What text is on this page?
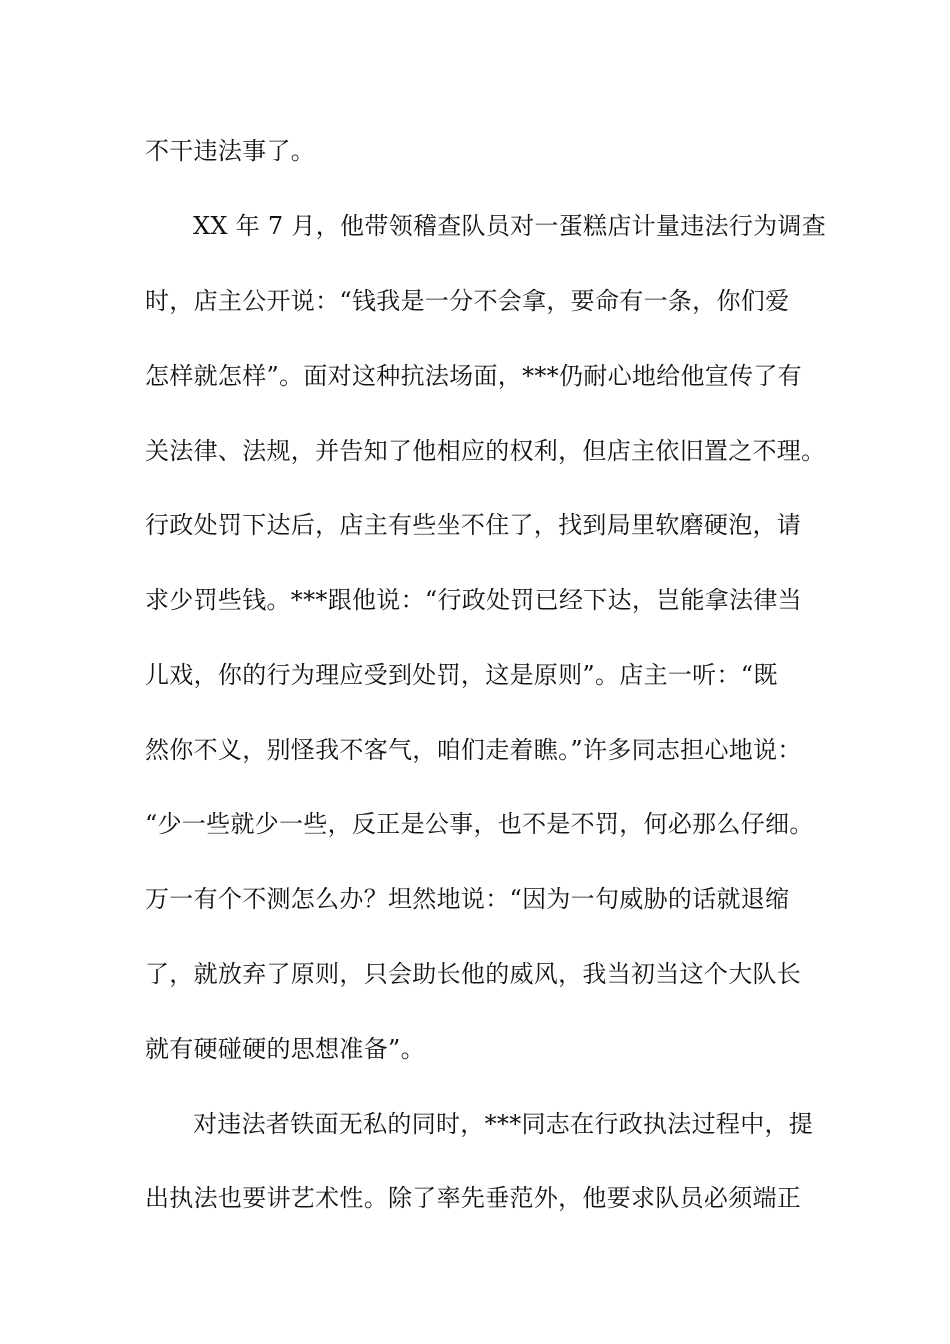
不干违法事了。
XX 年 7 月，他带领稽查队员对一蛋糕店计量违法行为调查
时，店主公开说：“钱我是一分不会拿，要命有一条，你们爱
怎样就怎样”。面对这种抗法场面，***仍耐心地给他宣传了有
关法律、法规，并告知了他相应的权利，但店主依旧置之不理。
行政处罚下达后，店主有些坐不住了，找到局里软磨硬泡，请
求少罚些钱。***跟他说：“行政处罚已经下达，岂能拿法律当
儿戏，你的行为理应受到处罚，这是原则”。店主一听：“既
然你不义，别怪我不客气，咱们走着瞧。”许多同志担心地说：
“少一些就少一些，反正是公事，也不是不罚，何必那么仔细。
万一有个不测怎么办？坦然地说：“因为一句威胁的话就退缩
了，就放弃了原则，只会助长他的威风，我当初当这个大队长
就有硬碰硬的思想准备”。
对违法者铁面无私的同时，***同志在行政执法过程中，提
出执法也要讲艺术性。除了率先垂范外，他要求队员必须端正
